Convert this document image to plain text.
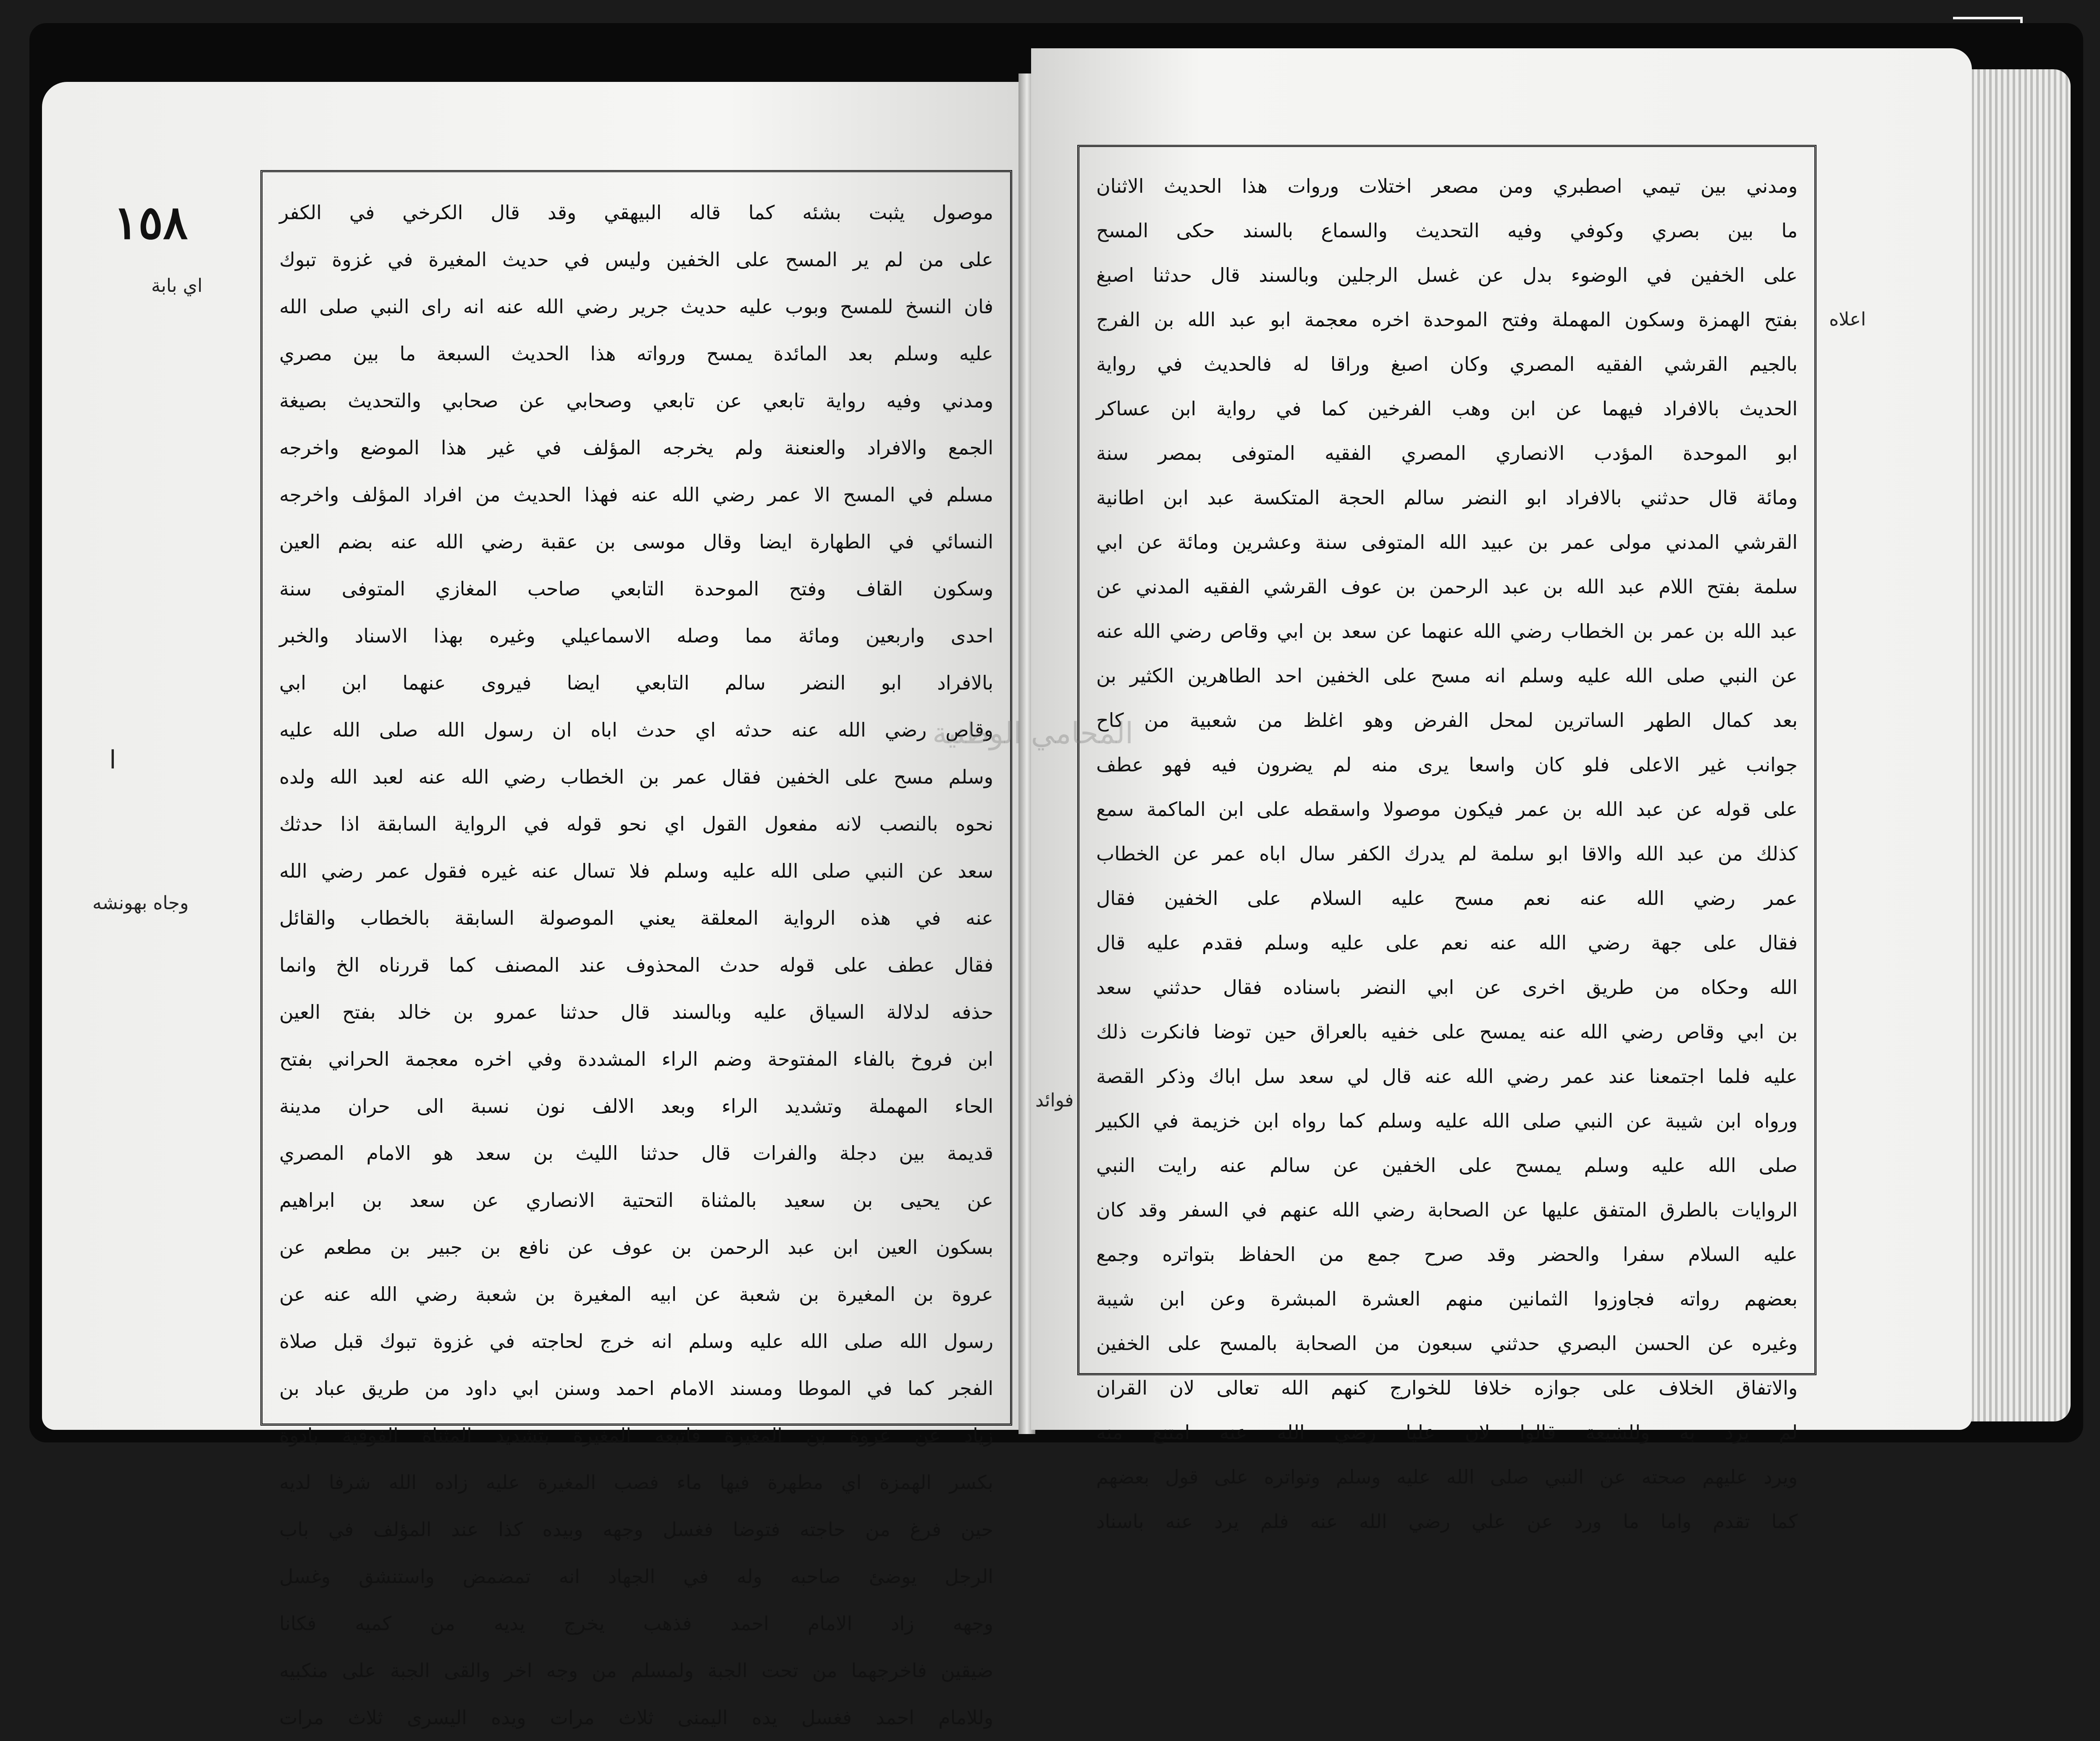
١٥٨
اي بابة
ا
وجاه بهونشه
موصول يثبت بشئه كما قاله البيهقي وقد قال الكرخي في الكفر
على من لم ير المسح على الخفين وليس في حديث المغيرة في غزوة تبوك
فان النسخ للمسح وبوب عليه حديث جرير رضي الله عنه انه راى النبي صلى الله
عليه وسلم بعد المائدة يمسح ورواته هذا الحديث السبعة ما بين مصري
ومدني وفيه رواية تابعي عن تابعي وصحابي عن صحابي والتحديث بصيغة
الجمع والافراد والعنعنة ولم يخرجه المؤلف في غير هذا الموضع واخرجه
مسلم في المسح الا عمر رضي الله عنه فهذا الحديث من افراد المؤلف واخرجه
النسائي في الطهارة ايضا وقال موسى بن عقبة رضي الله عنه بضم العين
وسكون القاف وفتح الموحدة التابعي صاحب المغازي المتوفى سنة
احدى واربعين ومائة مما وصله الاسماعيلي وغيره بهذا الاسناد والخبر
بالافراد ابو النضر سالم التابعي ايضا فيروى عنهما ابن ابي
وقاص رضي الله عنه حدثه اي حدث اباه ان رسول الله صلى الله عليه
وسلم مسح على الخفين فقال عمر بن الخطاب رضي الله عنه لعبد الله ولده
نحوه بالنصب لانه مفعول القول اي نحو قوله في الرواية السابقة اذا حدثك
سعد عن النبي صلى الله عليه وسلم فلا تسال عنه غيره فقول عمر رضي الله
عنه في هذه الرواية المعلقة يعني الموصولة السابقة بالخطاب والقائل
فقال عطف على قوله حدث المحذوف عند المصنف كما قررناه الخ وانما
حذفه لدلالة السياق عليه وبالسند قال حدثنا عمرو بن خالد بفتح العين
ابن فروخ بالفاء المفتوحة وضم الراء المشددة وفي اخره معجمة الحراني بفتح
الحاء المهملة وتشديد الراء وبعد الالف نون نسبة الى حران مدينة
قديمة بين دجلة والفرات قال حدثنا الليث بن سعد هو الامام المصري
عن يحيى بن سعيد بالمثناة التحتية الانصاري عن سعد بن ابراهيم
بسكون العين ابن عبد الرحمن بن عوف عن نافع بن جبير بن مطعم عن
عروة بن المغيرة بن شعبة عن ابيه المغيرة بن شعبة رضي الله عنه عن
رسول الله صلى الله عليه وسلم انه خرج لحاجته في غزوة تبوك قبل صلاة
الفجر كما في الموطا ومسند الامام احمد وسنن ابي داود من طريق عباد بن
زياد عن عروة بن المغيرة فاتبعه المغيرة بتشديد المثناة الفوقية بادوة
بكسر الهمزة اي مطهرة فيها ماء فصب المغيرة عليه زاده الله شرفا لديه
حين فرغ من حاجته فتوضا فغسل وجهه وبيده كذا عند المؤلف في باب
الرجل يوضئ صاحبه وله في الجهاد انه تمضمض واستنشق وغسل
وجهه زاد الامام احمد فذهب يخرج يديه من كميه فكانا
ضيقين فاخرجهما من تحت الجبة ولمسلم من وجه اخر والقى الجبة على منكبيه
وللامام احمد فغسل يده اليمنى ثلاث مرات ويده اليسرى ثلاث مرات
اعلاه
فوائد
ومدني بين تيمي اصطبري ومن مصعر اختلات وروات هذا الحديث الاثنان
ما بين بصري وكوفي وفيه التحديث والسماع بالسند حكى المسح
على الخفين في الوضوء بدل عن غسل الرجلين وبالسند قال حدثنا اصبغ
بفتح الهمزة وسكون المهملة وفتح الموحدة اخره معجمة ابو عبد الله بن الفرج
بالجيم القرشي الفقيه المصري وكان اصبغ وراقا له فالحديث في رواية
الحديث بالافراد فيهما عن ابن وهب الفرخين كما في رواية ابن عساكر
ابو الموحدة المؤدب الانصاري المصري الفقيه المتوفى بمصر سنة
ومائة قال حدثني بالافراد ابو النضر سالم الحجة المتكسة عبد ابن اطانية
القرشي المدني مولى عمر بن عبيد الله المتوفى سنة وعشرين ومائة عن ابي
سلمة بفتح اللام عبد الله بن عبد الرحمن بن عوف القرشي الفقيه المدني عن
عبد الله بن عمر بن الخطاب رضي الله عنهما عن سعد بن ابي وقاص رضي الله عنه
عن النبي صلى الله عليه وسلم انه مسح على الخفين احد الطاهرين الكثير بن
بعد كمال الطهر الساترين لمحل الفرض وهو اغلظ من شعبية من كاح
جوانب غير الاعلى فلو كان واسعا يرى منه لم يضرون فيه فهو عطف
على قوله عن عبد الله بن عمر فيكون موصولا واسقطه على ابن الماكمة سمع
كذلك من عبد الله والاقا ابو سلمة لم يدرك الكفر سال اباه عمر عن الخطاب
عمر رضي الله عنه نعم مسح عليه السلام على الخفين فقال
فقال على جهة رضي الله عنه نعم على عليه وسلم فقدم عليه قال
الله وحكاه من طريق اخرى عن ابي النضر باسناده فقال حدثني سعد
بن ابي وقاص رضي الله عنه يمسح على خفيه بالعراق حين توضا فانكرت ذلك
عليه فلما اجتمعنا عند عمر رضي الله عنه قال لي سعد سل اباك وذكر القصة
ورواه ابن شيبة عن النبي صلى الله عليه وسلم كما رواه ابن خزيمة في الكبير
صلى الله عليه وسلم يمسح على الخفين عن سالم عنه رايت النبي
الروايات بالطرق المتفق عليها عن الصحابة رضي الله عنهم في السفر وقد كان
عليه السلام سفرا والحضر وقد صرح جمع من الحفاظ بتواتره وجمع
بعضهم رواته فجاوزوا الثمانين منهم العشرة المبشرة وعن ابن شيبة
وغيره عن الحسن البصري حدثني سبعون من الصحابة بالمسح على الخفين
والاتفاق الخلاف على جوازه خلافا للخوارج كنهم الله تعالى لان القران
لم يرد به وللشيعة قالوا لان عليا رضي الله عنه امتنع منه
ويرد عليهم صحته عن النبي صلى الله عليه وسلم وتواتره على قول بعضهم
كما تقدم واما ما ورد عن علي رضي الله عنه فلم يرد عنه باسناد
المحامي الوطنية
